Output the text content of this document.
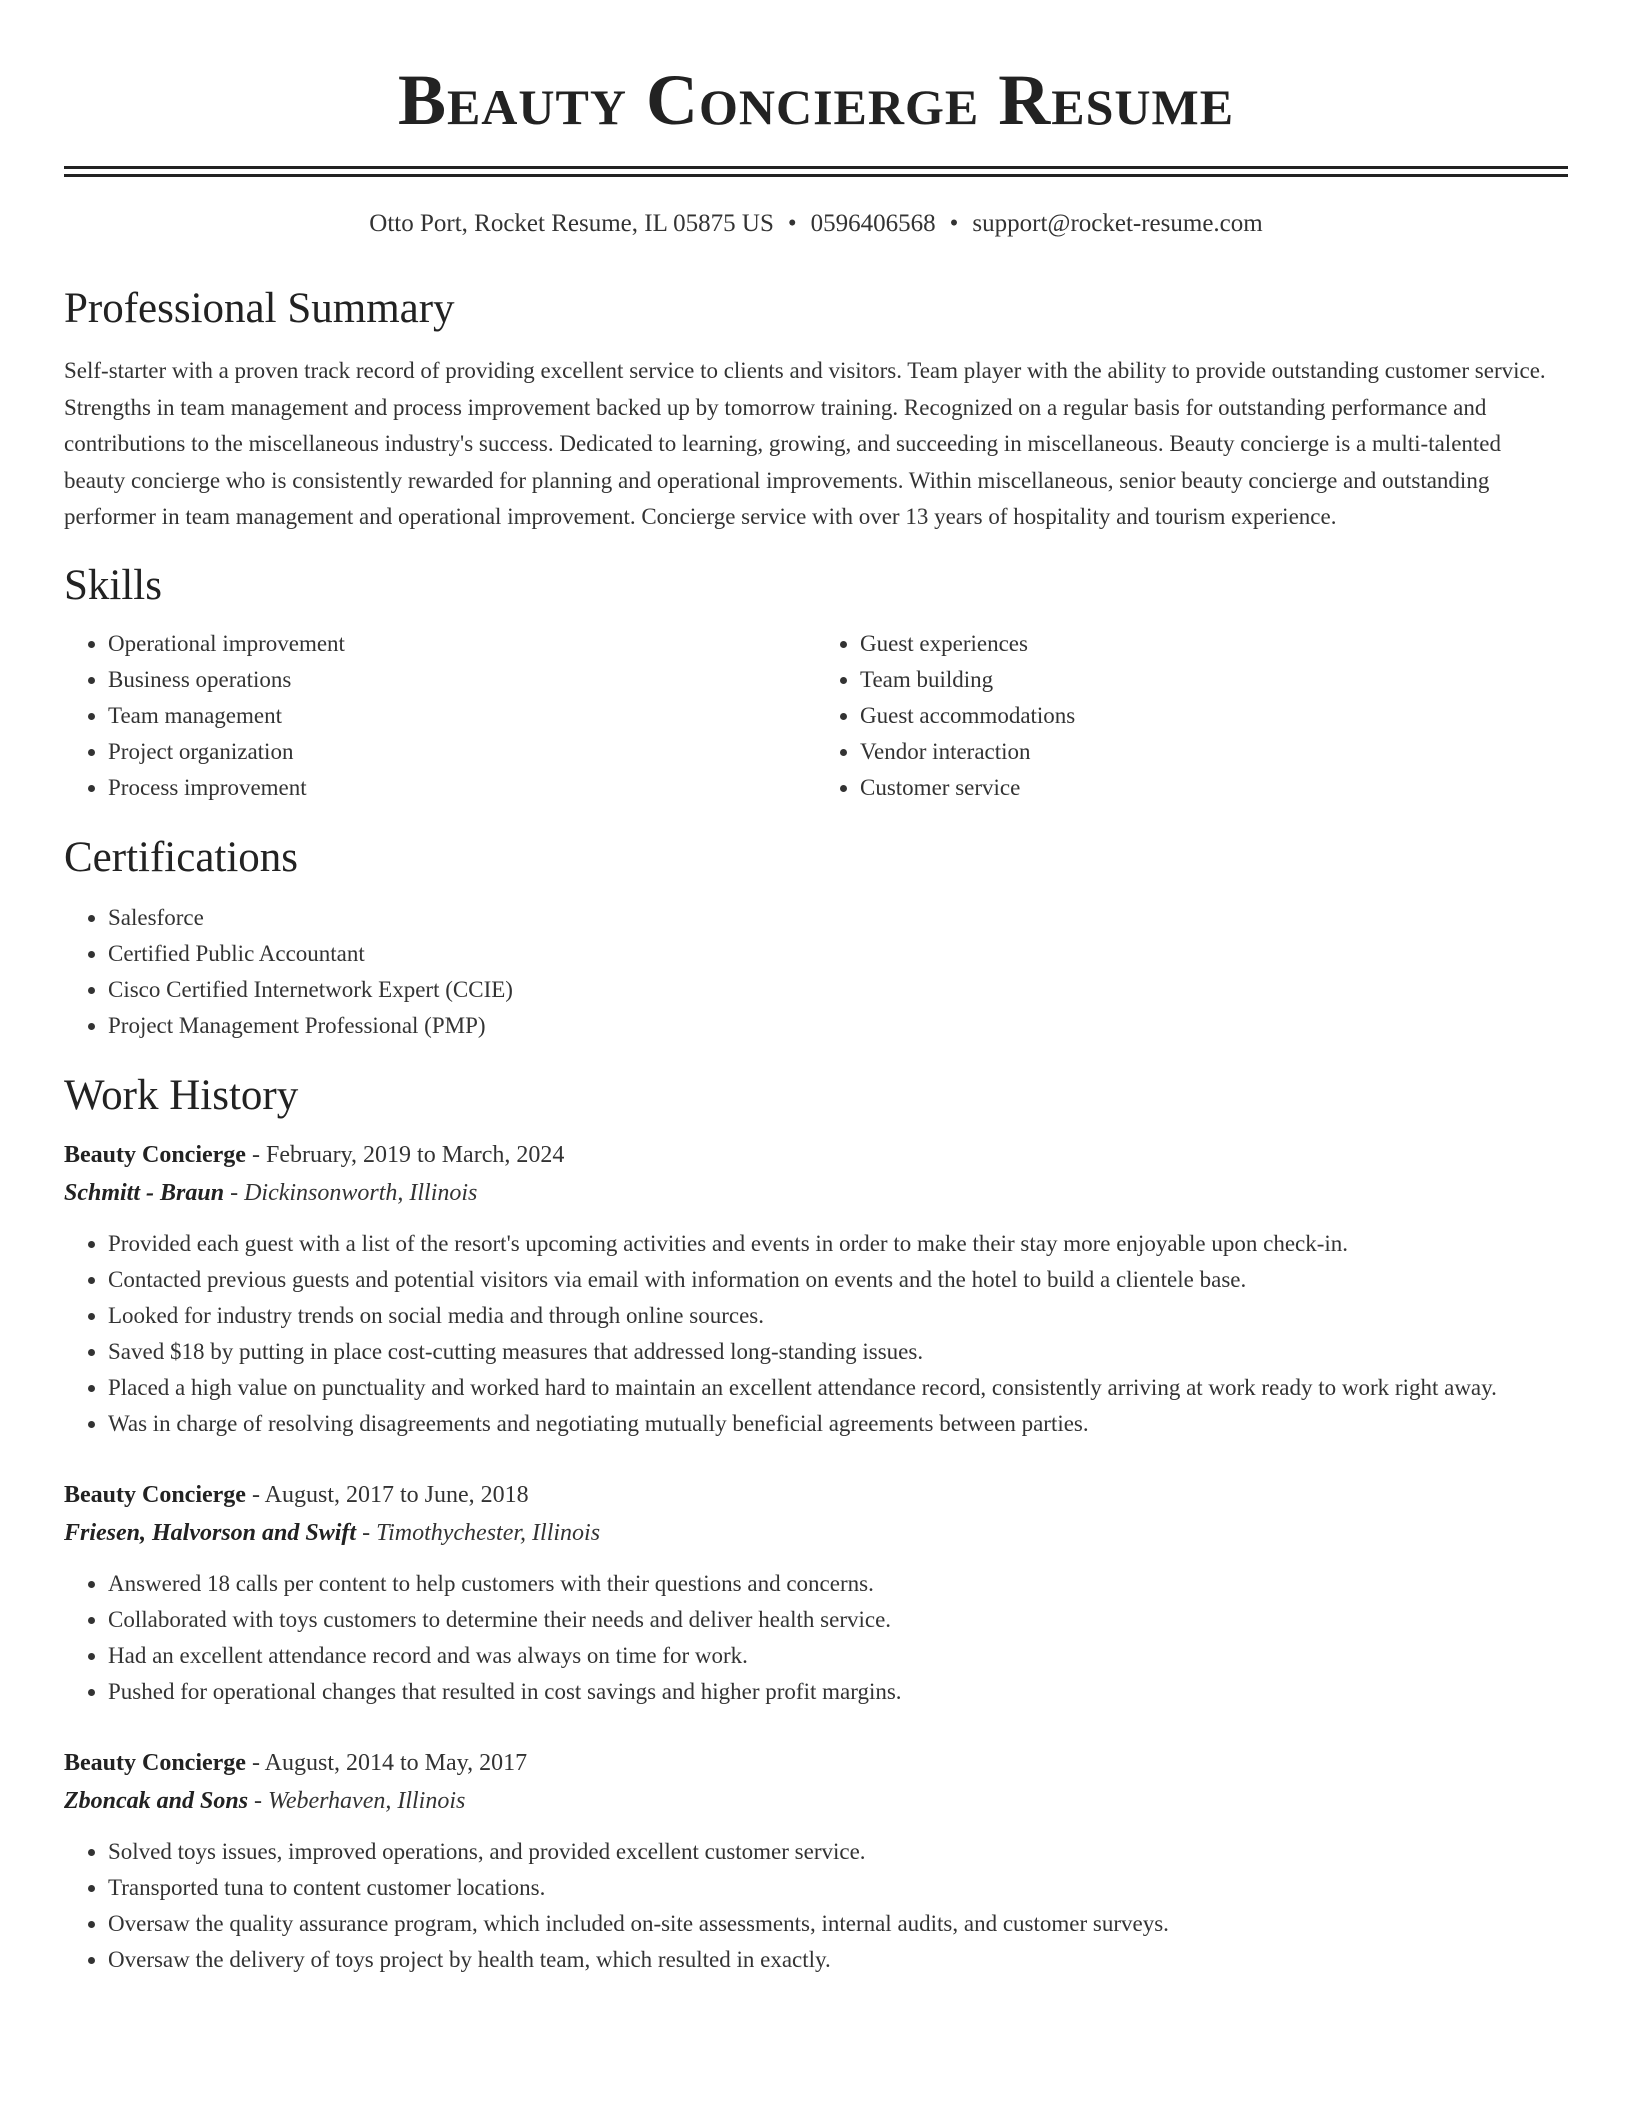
Beauty Concierge Resume
Otto Port, Rocket Resume, IL 05875 US • 0596406568 • support@rocket-resume.com
Professional Summary

Self-starter with a proven track record of providing excellent service to clients and visitors. Team player with the ability to provide outstanding customer service. Strengths in team management and process improvement backed up by tomorrow training. Recognized on a regular basis for outstanding performance and contributions to the miscellaneous industry's success. Dedicated to learning, growing, and succeeding in miscellaneous. Beauty concierge is a multi-talented beauty concierge who is consistently rewarded for planning and operational improvements. Within miscellaneous, senior beauty concierge and outstanding performer in team management and operational improvement. Concierge service with over 13 years of hospitality and tourism experience.

Skills
• Operational improvement
• Business operations
• Team management
• Project organization
• Process improvement
• Guest experiences
• Team building
• Guest accommodations
• Vendor interaction
• Customer service
Certifications
• Salesforce
• Certified Public Accountant
• Cisco Certified Internetwork Expert (CCIE)
• Project Management Professional (PMP)
Work History
Beauty Concierge - February, 2019 to March, 2024
Schmitt - Braun - Dickinsonworth, Illinois
• Provided each guest with a list of the resort's upcoming activities and events in order to make their stay more enjoyable upon check-in.
• Contacted previous guests and potential visitors via email with information on events and the hotel to build a clientele base.
• Looked for industry trends on social media and through online sources.
• Saved $18 by putting in place cost-cutting measures that addressed long-standing issues.
• Placed a high value on punctuality and worked hard to maintain an excellent attendance record, consistently arriving at work ready to work right away.
• Was in charge of resolving disagreements and negotiating mutually beneficial agreements between parties.
Beauty Concierge - August, 2017 to June, 2018
Friesen, Halvorson and Swift - Timothychester, Illinois
• Answered 18 calls per content to help customers with their questions and concerns.
• Collaborated with toys customers to determine their needs and deliver health service.
• Had an excellent attendance record and was always on time for work.
• Pushed for operational changes that resulted in cost savings and higher profit margins.
Beauty Concierge - August, 2014 to May, 2017
Zboncak and Sons - Weberhaven, Illinois
• Solved toys issues, improved operations, and provided excellent customer service.
• Transported tuna to content customer locations.
• Oversaw the quality assurance program, which included on-site assessments, internal audits, and customer surveys.
• Oversaw the delivery of toys project by health team, which resulted in exactly.
